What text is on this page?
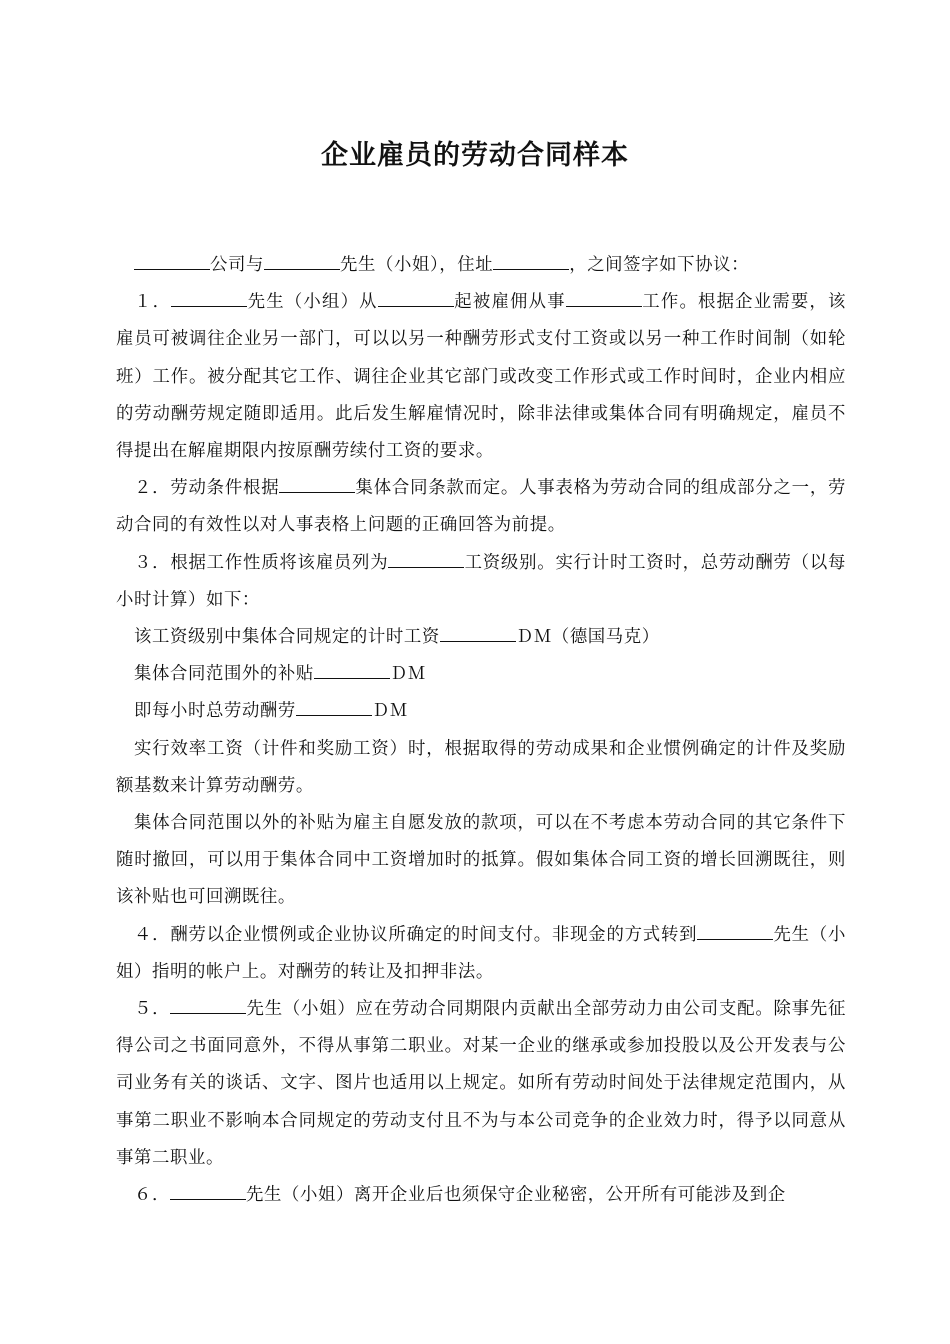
企业雇员的劳动合同样本

公司与	先生（小姐），住址	，之间签字如下协议：

１．	先生（小组）从	起被雇佣从事	工作。根据企业需要，该雇员可被调往企业另一部门，可以以另一种酬劳形式支付工资或以另一种工作时间制（如轮班）工作。被分配其它工作、调往企业其它部门或改变工作形式或工作时间时，企业内相应的劳动酬劳规定随即适用。此后发生解雇情况时，除非法律或集体合同有明确规定，雇员不得提出在解雇期限内按原酬劳续付工资的要求。

２．劳动条件根据	集体合同条款而定。人事表格为劳动合同的组成部分之一，劳动合同的有效性以对人事表格上问题的正确回答为前提。

３．根据工作性质将该雇员列为	工资级别。实行计时工资时，总劳动酬劳（以每小时计算）如下：

该工资级别中集体合同规定的计时工资	ＤＭ（德国马克）

集体合同范围外的补贴	ＤＭ

即每小时总劳动酬劳	ＤＭ

实行效率工资（计件和奖励工资）时，根据取得的劳动成果和企业惯例确定的计件及奖励额基数来计算劳动酬劳。

集体合同范围以外的补贴为雇主自愿发放的款项，可以在不考虑本劳动合同的其它条件下随时撤回，可以用于集体合同中工资增加时的抵算。假如集体合同工资的增长回溯既往，则该补贴也可回溯既往。

４．酬劳以企业惯例或企业协议所确定的时间支付。非现金的方式转到	先生（小姐）指明的帐户上。对酬劳的转让及扣押非法。

５．	先生（小姐）应在劳动合同期限内贡献出全部劳动力由公司支配。除事先征得公司之书面同意外，不得从事第二职业。对某一企业的继承或参加投股以及公开发表与公司业务有关的谈话、文字、图片也适用以上规定。如所有劳动时间处于法律规定范围内，从事第二职业不影响本合同规定的劳动支付且不为与本公司竞争的企业效力时，得予以同意从事第二职业。

６．	先生（小姐）离开企业后也须保守企业秘密，公开所有可能涉及到企
